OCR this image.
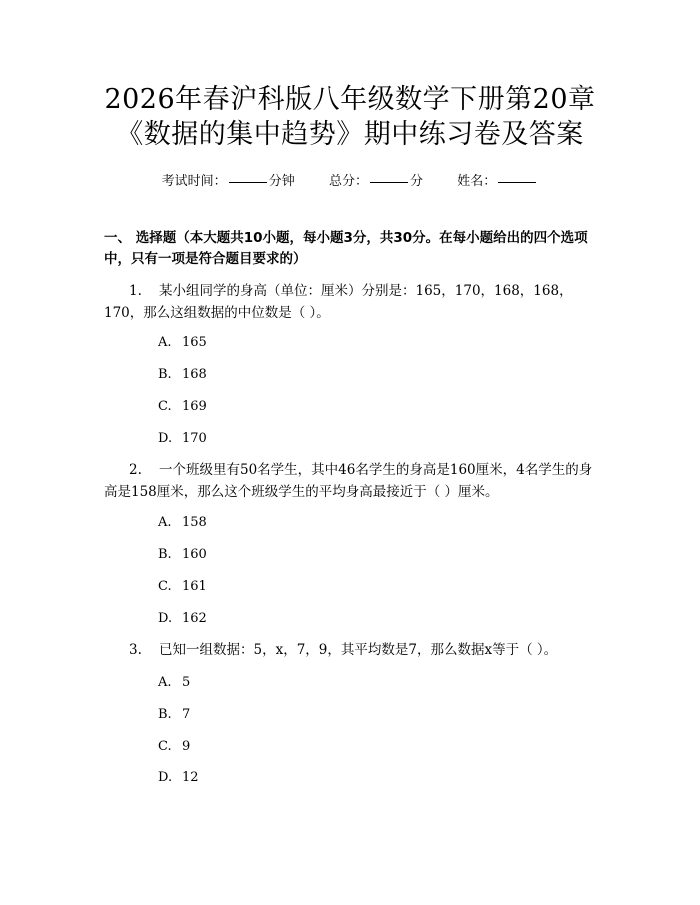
2026年春沪科版八年级数学下册第20章
《数据的集中趋势》期中练习卷及答案
考试时间：	分钟	总分：	分	姓名：
一、 选择题（本大题共10小题，每小题3分，共30分。在每小题给出的四个选项中，只有一项是符合题目要求的）
1. 某小组同学的身高（单位：厘米）分别是：165，170，168，168，170，那么这组数据的中位数是（ ）。
A. 165
B. 168
C. 169
D. 170
2. 一个班级里有50名学生，其中46名学生的身高是160厘米，4名学生的身高是158厘米，那么这个班级学生的平均身高最接近于（ ）厘米。
A. 158
B. 160
C. 161
D. 162
3. 已知一组数据：5，x，7，9，其平均数是7，那么数据x等于（ ）。
A. 5
B. 7
C. 9
D. 12
